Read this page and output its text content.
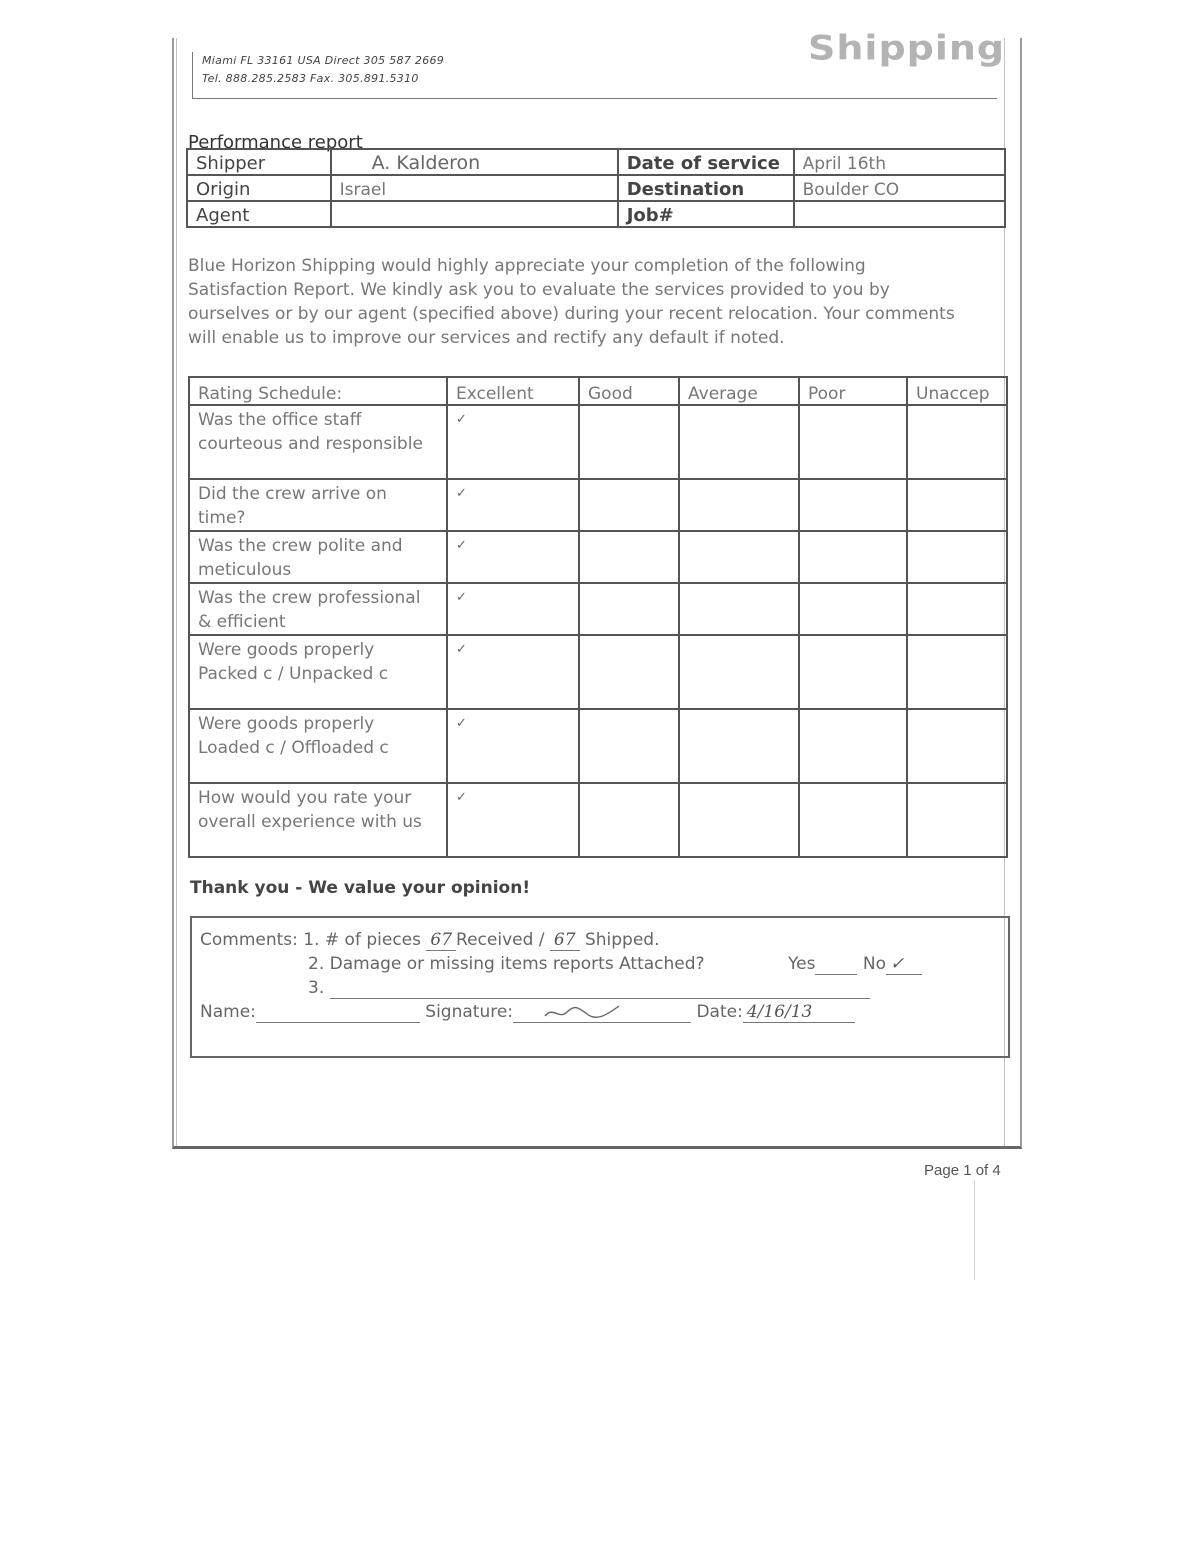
Miami FL 33161 USA Direct 305 587 2669
Tel. 888.285.2583 Fax. 305.891.5310
Shipping
Performance report
Shipper	A. Kalderon	Date of service	April 16th
Origin	Israel	Destination	Boulder CO
Agent		Job#	
Blue Horizon Shipping would highly appreciate your completion of the following Satisfaction Report. We kindly ask you to evaluate the services provided to you by ourselves or by our agent (specified above) during your recent relocation. Your comments will enable us to improve our services and rectify any default if noted.
Rating Schedule:	Excellent	Good	Average	Poor	Unaccep
Was the office staff courteous and responsible	✓				
Did the crew arrive on time?	✓				
Was the crew polite and meticulous	✓				
Was the crew professional & efficient	✓				
Were goods properly Packed c / Unpacked c	✓				
Were goods properly Loaded c / Offloaded c	✓				
How would you rate your overall experience with us	✓				
Thank you - We value your opinion!
Comments: 1. # of pieces 67 Received / 67 Shipped.
2. Damage or missing items reports Attached?	Yes	No ✓
3.
Name:	Signature:	Date: 4/16/13
Page 1 of 4
